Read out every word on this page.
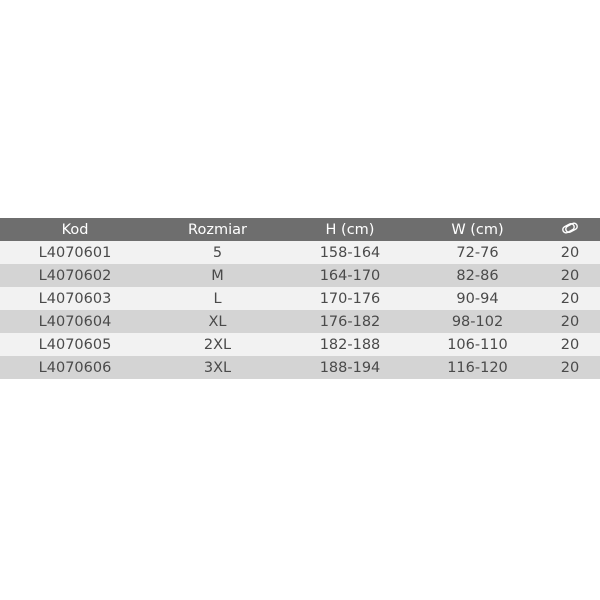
Kod	Rozmiar	H (cm)	W (cm)	
L4070601	5	158-164	72-76	20
L4070602	M	164-170	82-86	20
L4070603	L	170-176	90-94	20
L4070604	XL	176-182	98-102	20
L4070605	2XL	182-188	106-110	20
L4070606	3XL	188-194	116-120	20
